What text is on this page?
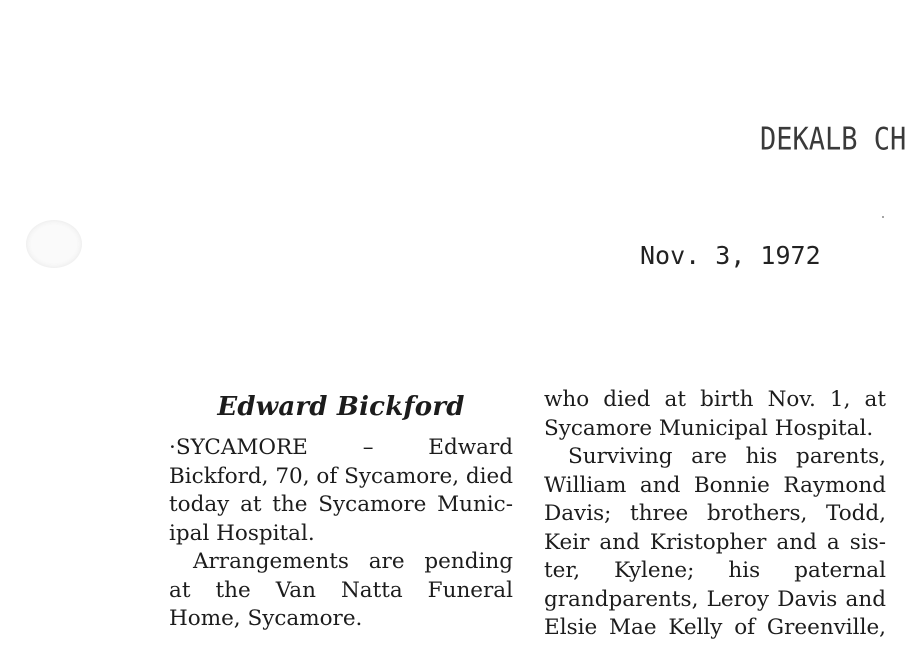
DEKALB CH
Nov. 3, 1972
Edward Bickford

·SYCAMORE – Edward
Bickford, 70, of Sycamore, died
today at the Sycamore Munic-
ipal Hospital.

Arrangements are pending
at the Van Natta Funeral
Home, Sycamore.

who died at birth Nov. 1, at
Sycamore Municipal Hospital.

Surviving are his parents,
William and Bonnie Raymond
Davis; three brothers, Todd,
Keir and Kristopher and a sis-
ter, Kylene; his paternal
grandparents, Leroy Davis and
Elsie Mae Kelly of Greenville,
